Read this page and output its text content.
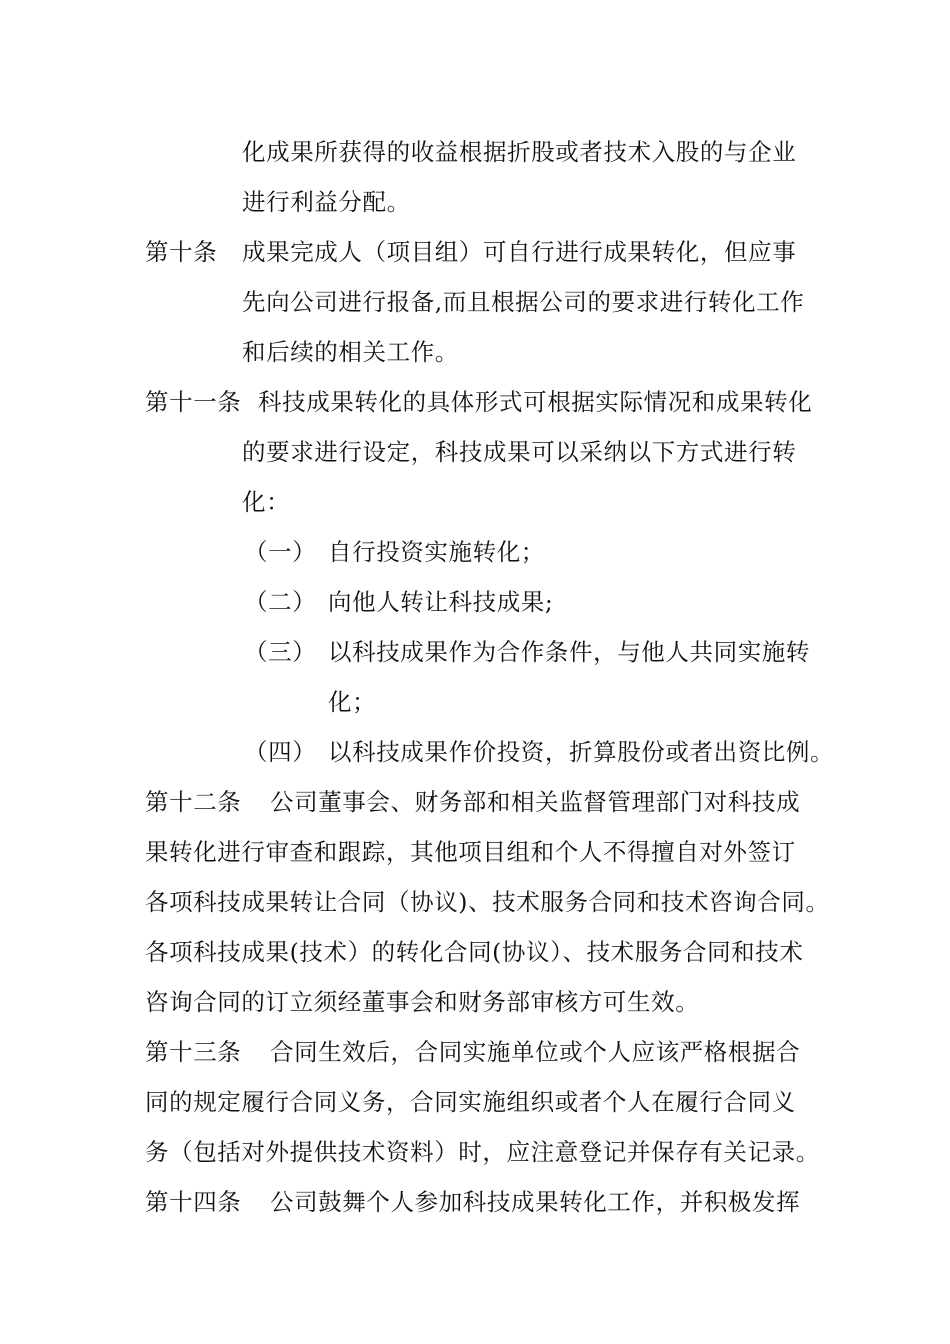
化成果所获得的收益根据折股或者技术入股的与企业
进行利益分配。
第十条 成果完成人（项目组）可自行进行成果转化，但应事
先向公司进行报备,而且根据公司的要求进行转化工作
和后续的相关工作。
第十一条 科技成果转化的具体形式可根据实际情况和成果转化
的要求进行设定，科技成果可以采纳以下方式进行转
化：
（一） 自行投资实施转化；
（二） 向他人转让科技成果;
（三） 以科技成果作为合作条件，与他人共同实施转
化；
（四） 以科技成果作价投资，折算股份或者出资比例。
第十二条 公司董事会、财务部和相关监督管理部门对科技成
果转化进行审查和跟踪，其他项目组和个人不得擅自对外签订
各项科技成果转让合同（协议)、技术服务合同和技术咨询合同。
各项科技成果(技术）的转化合同(协议）、技术服务合同和技术
咨询合同的订立须经董事会和财务部审核方可生效。
第十三条 合同生效后，合同实施单位或个人应该严格根据合
同的规定履行合同义务，合同实施组织或者个人在履行合同义
务（包括对外提供技术资料）时，应注意登记并保存有关记录。
第十四条 公司鼓舞个人参加科技成果转化工作，并积极发挥
